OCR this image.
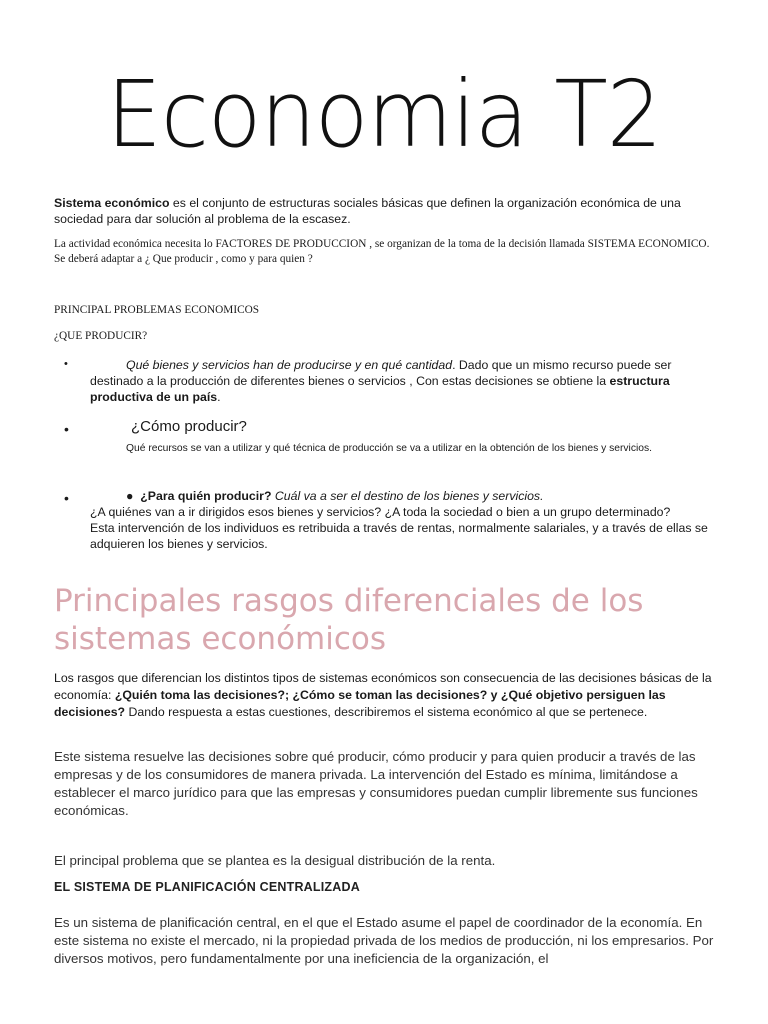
Economia T2
Sistema económico es el conjunto de estructuras sociales básicas que definen la organización económica de una sociedad para dar solución al problema de la escasez.
La actividad económica necesita lo FACTORES DE PRODUCCION , se organizan de la toma de la decisión llamada SISTEMA ECONOMICO. Se deberá adaptar a ¿ Que producir , como y para quien ?
PRINCIPAL PROBLEMAS ECONOMICOS
¿QUE PRODUCIR?
•	Qué bienes y servicios han de producirse y en qué cantidad. Dado que un mismo recurso puede ser destinado a la producción de diferentes bienes o servicios , Con estas decisiones se obtiene la estructura productiva de un país.
•	¿Cómo producir?
Qué recursos se van a utilizar y qué técnica de producción se va a utilizar en la obtención de los bienes y servicios.
•	● ¿Para quién producir? Cuál va a ser el destino de los bienes y servicios.
¿A quiénes van a ir dirigidos esos bienes y servicios? ¿A toda la sociedad o bien a un grupo determinado?
Esta intervención de los individuos es retribuida a través de rentas, normalmente salariales, y a través de ellas se adquieren los bienes y servicios.
Principales rasgos diferenciales de los sistemas económicos
Los rasgos que diferencian los distintos tipos de sistemas económicos son consecuencia de las decisiones básicas de la economía: ¿Quién toma las decisiones?; ¿Cómo se toman las decisiones? y ¿Qué objetivo persiguen las decisiones? Dando respuesta a estas cuestiones, describiremos el sistema económico al que se pertenece.
Este sistema resuelve las decisiones sobre qué producir, cómo producir y para quien producir a través de las empresas y de los consumidores de manera privada. La intervención del Estado es mínima, limitándose a establecer el marco jurídico para que las empresas y consumidores puedan cumplir libremente sus funciones económicas.
El principal problema que se plantea es la desigual distribución de la renta.
EL SISTEMA DE PLANIFICACIÓN CENTRALIZADA
Es un sistema de planificación central, en el que el Estado asume el papel de coordinador de la economía. En este sistema no existe el mercado, ni la propiedad privada de los medios de producción, ni los empresarios. Por diversos motivos, pero fundamentalmente por una ineficiencia de la organización, el
